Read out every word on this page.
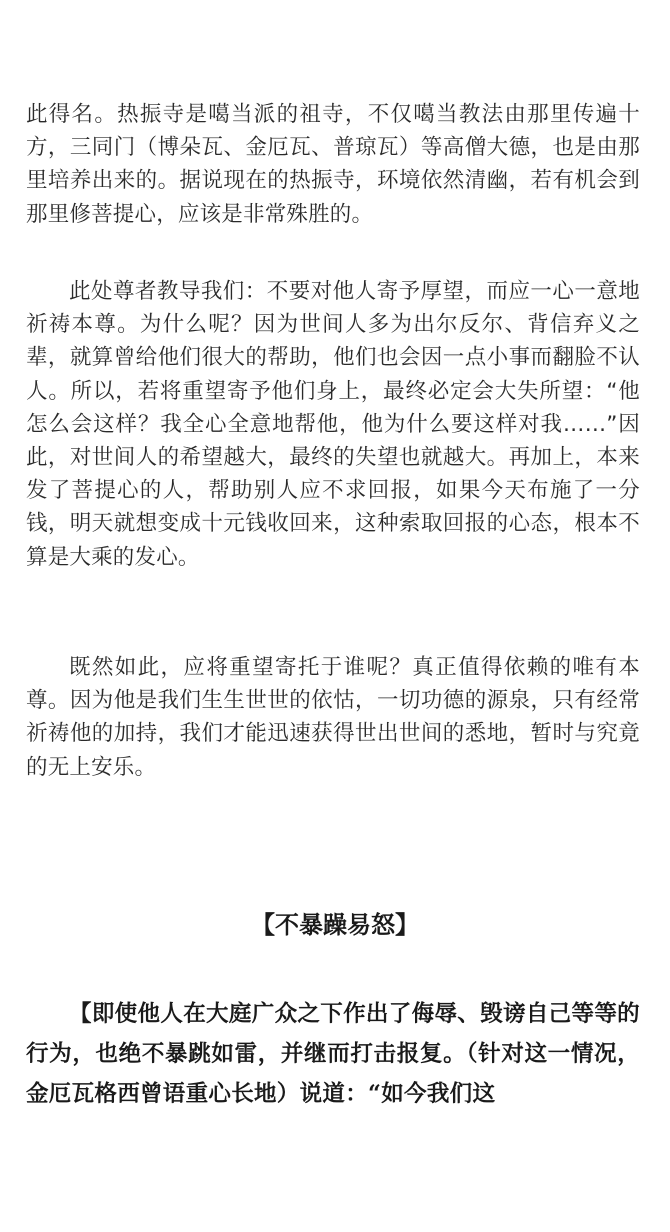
此得名。热振寺是噶当派的祖寺，不仅噶当教法由那里传遍十方，三同门（博朵瓦、金厄瓦、普琼瓦）等高僧大德，也是由那里培养出来的。据说现在的热振寺，环境依然清幽，若有机会到那里修菩提心，应该是非常殊胜的。

此处尊者教导我们：不要对他人寄予厚望，而应一心一意地祈祷本尊。为什么呢？因为世间人多为出尔反尔、背信弃义之辈，就算曾给他们很大的帮助，他们也会因一点小事而翻脸不认人。所以，若将重望寄予他们身上，最终必定会大失所望：“他怎么会这样？我全心全意地帮他，他为什么要这样对我……”因此，对世间人的希望越大，最终的失望也就越大。再加上，本来发了菩提心的人，帮助别人应不求回报，如果今天布施了一分钱，明天就想变成十元钱收回来，这种索取回报的心态，根本不算是大乘的发心。

既然如此，应将重望寄托于谁呢？真正值得依赖的唯有本尊。因为他是我们生生世世的依怙，一切功德的源泉，只有经常祈祷他的加持，我们才能迅速获得世出世间的悉地，暂时与究竟的无上安乐。

【不暴躁易怒】

【即使他人在大庭广众之下作出了侮辱、毁谤自己等等的行为，也绝不暴跳如雷，并继而打击报复。（针对这一情况，金厄瓦格西曾语重心长地）说道：“如今我们这
